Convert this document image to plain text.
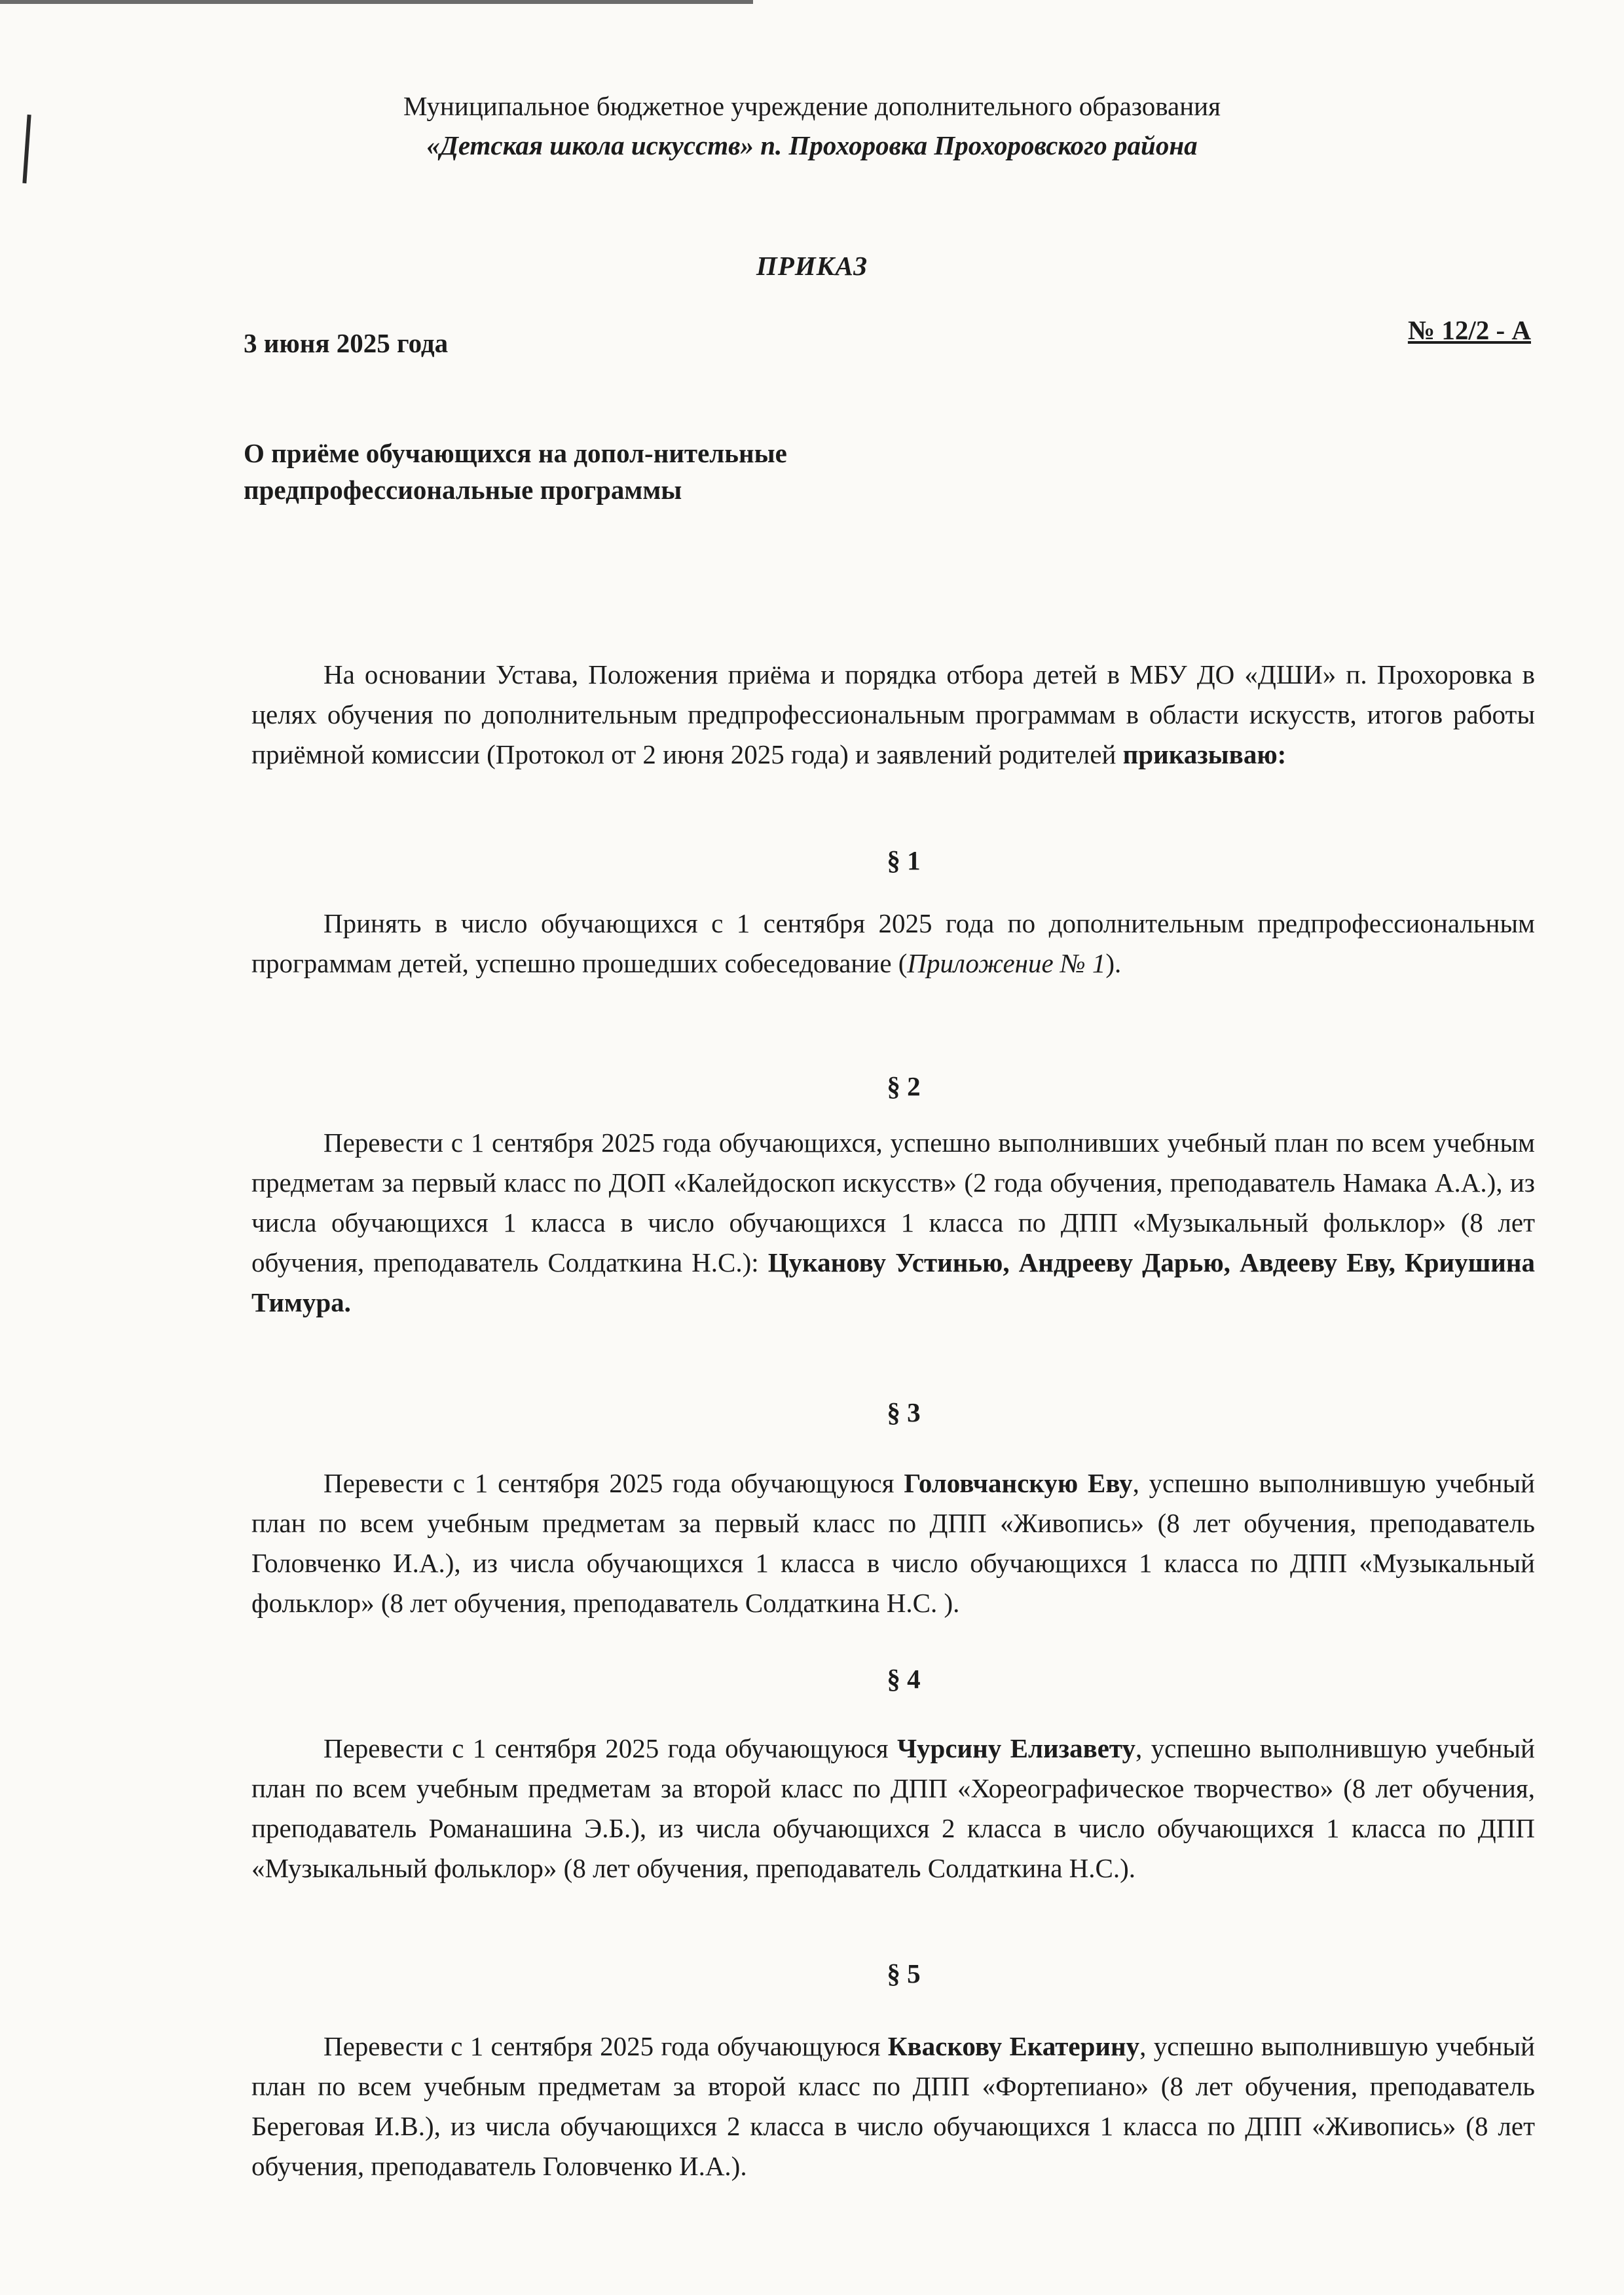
Муниципальное бюджетное учреждение дополнительного образования
«Детская школа искусств» п. Прохоровка Прохоровского района
ПРИКАЗ
3 июня 2025 года	№ 12/2 - А
О приёме обучающихся на допол-нительные предпрофессиональные программы
На основании Устава, Положения приёма и порядка отбора детей в МБУ ДО «ДШИ» п. Прохоровка в целях обучения по дополнительным предпрофессиональным программам в области искусств, итогов работы приёмной комиссии (Протокол от 2 июня 2025 года) и заявлений родителей приказываю:
§ 1
Принять в число обучающихся с 1 сентября 2025 года по дополнительным предпрофессиональным программам детей, успешно прошедших собеседование (Приложение № 1).
§ 2
Перевести с 1 сентября 2025 года обучающихся, успешно выполнивших учебный план по всем учебным предметам за первый класс по ДОП «Калейдоскоп искусств» (2 года обучения, преподаватель Намака А.А.), из числа обучающихся 1 класса в число обучающихся 1 класса по ДПП «Музыкальный фольклор» (8 лет обучения, преподаватель Солдаткина Н.С.): Цуканову Устинью, Андрееву Дарью, Авдееву Еву, Криушина Тимура.
§ 3
Перевести с 1 сентября 2025 года обучающуюся Головчанскую Еву, успешно выполнившую учебный план по всем учебным предметам за первый класс по ДПП «Живопись» (8 лет обучения, преподаватель Головченко И.А.), из числа обучающихся 1 класса в число обучающихся 1 класса по ДПП «Музыкальный фольклор» (8 лет обучения, преподаватель Солдаткина Н.С. ).
§ 4
Перевести с 1 сентября 2025 года обучающуюся Чурсину Елизавету, успешно выполнившую учебный план по всем учебным предметам за второй класс по ДПП «Хореографическое творчество» (8 лет обучения, преподаватель Романашина Э.Б.), из числа обучающихся 2 класса в число обучающихся 1 класса по ДПП «Музыкальный фольклор» (8 лет обучения, преподаватель Солдаткина Н.С.).
§ 5
Перевести с 1 сентября 2025 года обучающуюся Кваскову Екатерину, успешно выполнившую учебный план по всем учебным предметам за второй класс по ДПП «Фортепиано» (8 лет обучения, преподаватель Береговая И.В.), из числа обучающихся 2 класса в число обучающихся 1 класса по ДПП «Живопись» (8 лет обучения, преподаватель Головченко И.А.).
